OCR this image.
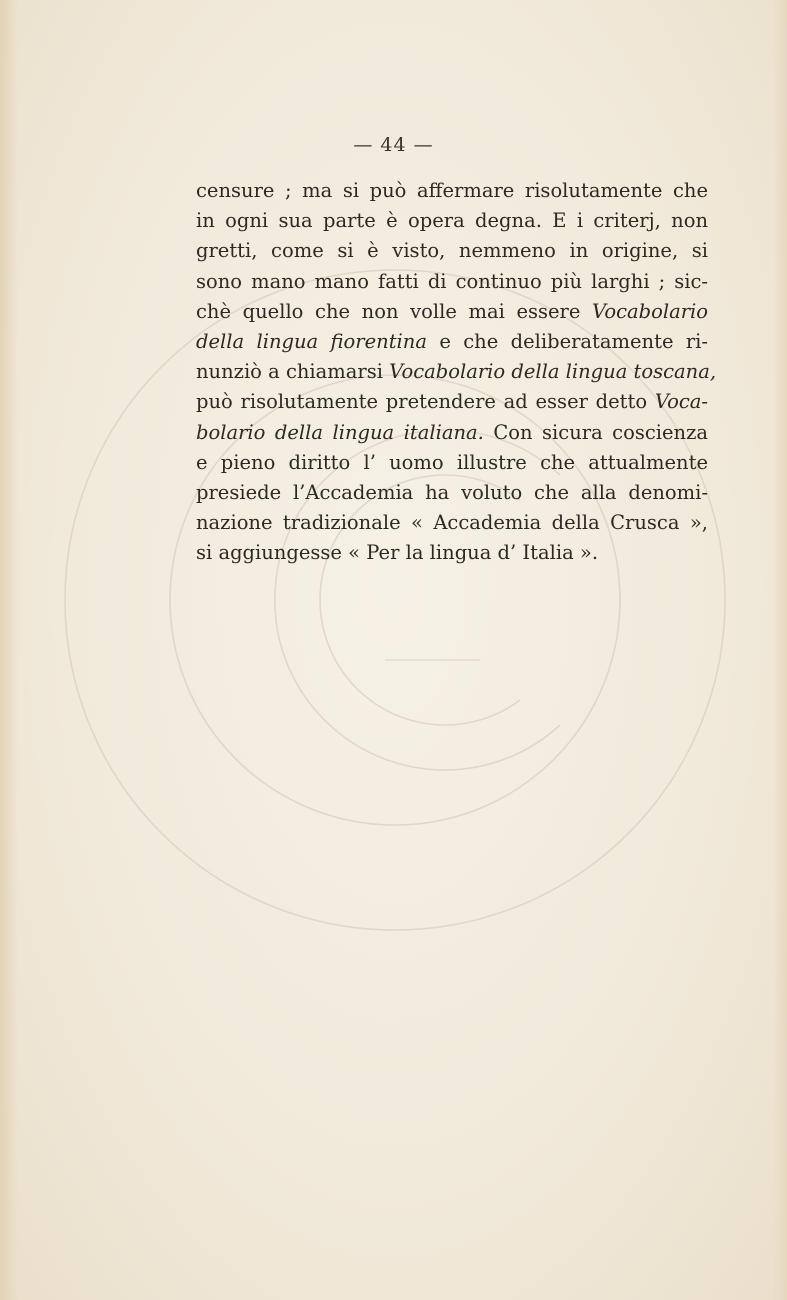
— 44 —
censure ; ma si può affermare risolutamente che
in ogni sua parte è opera degna. E i criterj, non
gretti, come si è visto, nemmeno in origine, si
sono mano mano fatti di continuo più larghi ; sic-
chè quello che non volle mai essere Vocabolario
della lingua fiorentina e che deliberatamente ri-
nunziò a chiamarsi Vocabolario della lingua toscana,
può risolutamente pretendere ad esser detto Voca-
bolario della lingua italiana. Con sicura coscienza
e pieno diritto l’ uomo illustre che attualmente
presiede l’Accademia ha voluto che alla denomi-
nazione tradizionale « Accademia della Crusca »,
si aggiungesse « Per la lingua d’ Italia ».
